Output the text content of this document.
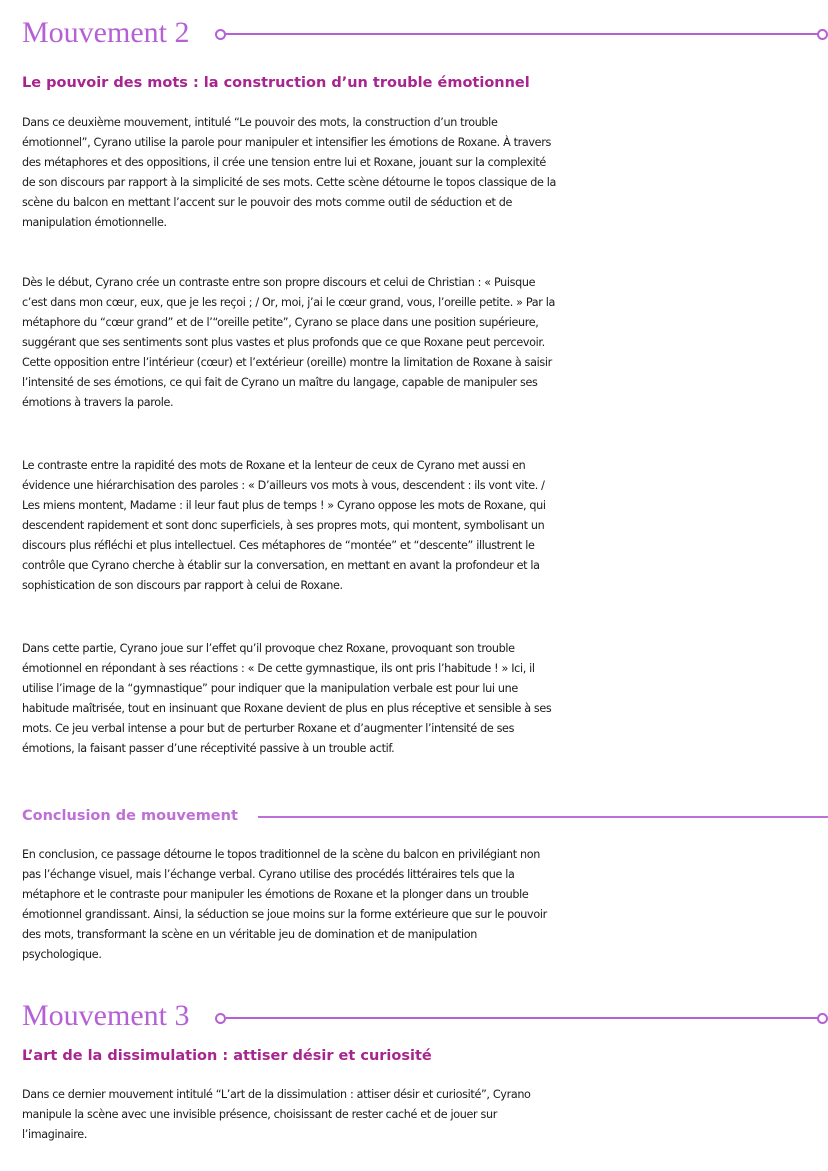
Mouvement 2
Le pouvoir des mots : la construction d’un trouble émotionnel
Dans ce deuxième mouvement, intitulé “Le pouvoir des mots, la construction d’un trouble
émotionnel”, Cyrano utilise la parole pour manipuler et intensifier les émotions de Roxane. À travers
des métaphores et des oppositions, il crée une tension entre lui et Roxane, jouant sur la complexité
de son discours par rapport à la simplicité de ses mots. Cette scène détourne le topos classique de la
scène du balcon en mettant l’accent sur le pouvoir des mots comme outil de séduction et de
manipulation émotionnelle.
Dès le début, Cyrano crée un contraste entre son propre discours et celui de Christian : « Puisque
c’est dans mon cœur, eux, que je les reçoi ; / Or, moi, j’ai le cœur grand, vous, l’oreille petite. » Par la
métaphore du “cœur grand” et de l’“oreille petite”, Cyrano se place dans une position supérieure,
suggérant que ses sentiments sont plus vastes et plus profonds que ce que Roxane peut percevoir.
Cette opposition entre l’intérieur (cœur) et l’extérieur (oreille) montre la limitation de Roxane à saisir
l’intensité de ses émotions, ce qui fait de Cyrano un maître du langage, capable de manipuler ses
émotions à travers la parole.
Le contraste entre la rapidité des mots de Roxane et la lenteur de ceux de Cyrano met aussi en
évidence une hiérarchisation des paroles : « D’ailleurs vos mots à vous, descendent : ils vont vite. /
Les miens montent, Madame : il leur faut plus de temps ! » Cyrano oppose les mots de Roxane, qui
descendent rapidement et sont donc superficiels, à ses propres mots, qui montent, symbolisant un
discours plus réfléchi et plus intellectuel. Ces métaphores de “montée” et “descente” illustrent le
contrôle que Cyrano cherche à établir sur la conversation, en mettant en avant la profondeur et la
sophistication de son discours par rapport à celui de Roxane.
Dans cette partie, Cyrano joue sur l’effet qu’il provoque chez Roxane, provoquant son trouble
émotionnel en répondant à ses réactions : « De cette gymnastique, ils ont pris l’habitude ! » Ici, il
utilise l’image de la “gymnastique” pour indiquer que la manipulation verbale est pour lui une
habitude maîtrisée, tout en insinuant que Roxane devient de plus en plus réceptive et sensible à ses
mots. Ce jeu verbal intense a pour but de perturber Roxane et d’augmenter l’intensité de ses
émotions, la faisant passer d’une réceptivité passive à un trouble actif.
Conclusion de mouvement
En conclusion, ce passage détourne le topos traditionnel de la scène du balcon en privilégiant non
pas l’échange visuel, mais l’échange verbal. Cyrano utilise des procédés littéraires tels que la
métaphore et le contraste pour manipuler les émotions de Roxane et la plonger dans un trouble
émotionnel grandissant. Ainsi, la séduction se joue moins sur la forme extérieure que sur le pouvoir
des mots, transformant la scène en un véritable jeu de domination et de manipulation
psychologique.
Mouvement 3
L’art de la dissimulation : attiser désir et curiosité
Dans ce dernier mouvement intitulé “L’art de la dissimulation : attiser désir et curiosité”, Cyrano
manipule la scène avec une invisible présence, choisissant de rester caché et de jouer sur
l’imaginaire.
